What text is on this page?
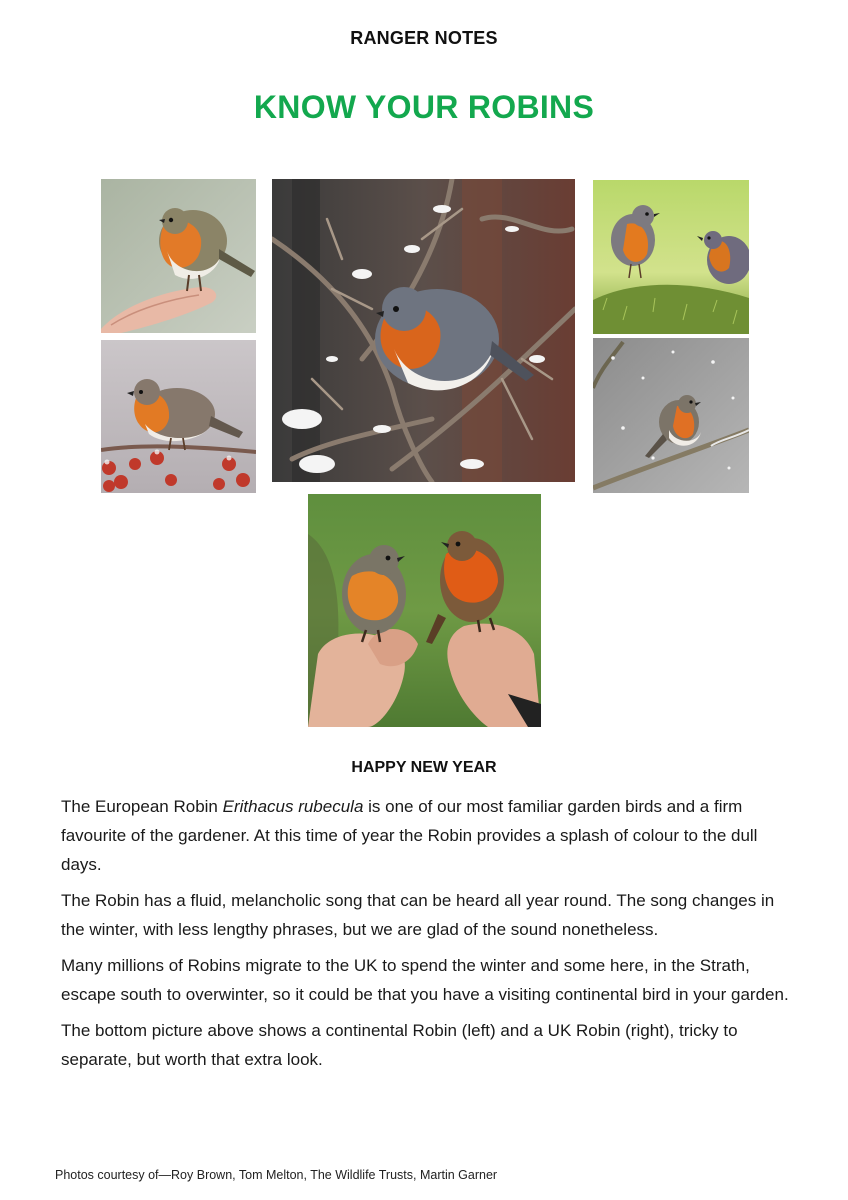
RANGER NOTES
KNOW YOUR ROBINS
HAPPY NEW YEAR

The European Robin Erithacus rubecula is one of our most familiar garden birds and a firm favourite of the gardener. At this time of year the Robin provides a splash of colour to the dull days.

The Robin has a fluid, melancholic song that can be heard all year round. The song changes in the winter, with less lengthy phrases, but we are glad of the sound nonetheless.

Many millions of Robins migrate to the UK to spend the winter and some here, in the Strath, escape south to overwinter, so it could be that you have a visiting continental bird in your garden.

The bottom picture above shows a continental Robin (left) and a UK Robin (right), tricky to separate, but worth that extra look.

Photos courtesy of—Roy Brown, Tom Melton, The Wildlife Trusts, Martin Garner
